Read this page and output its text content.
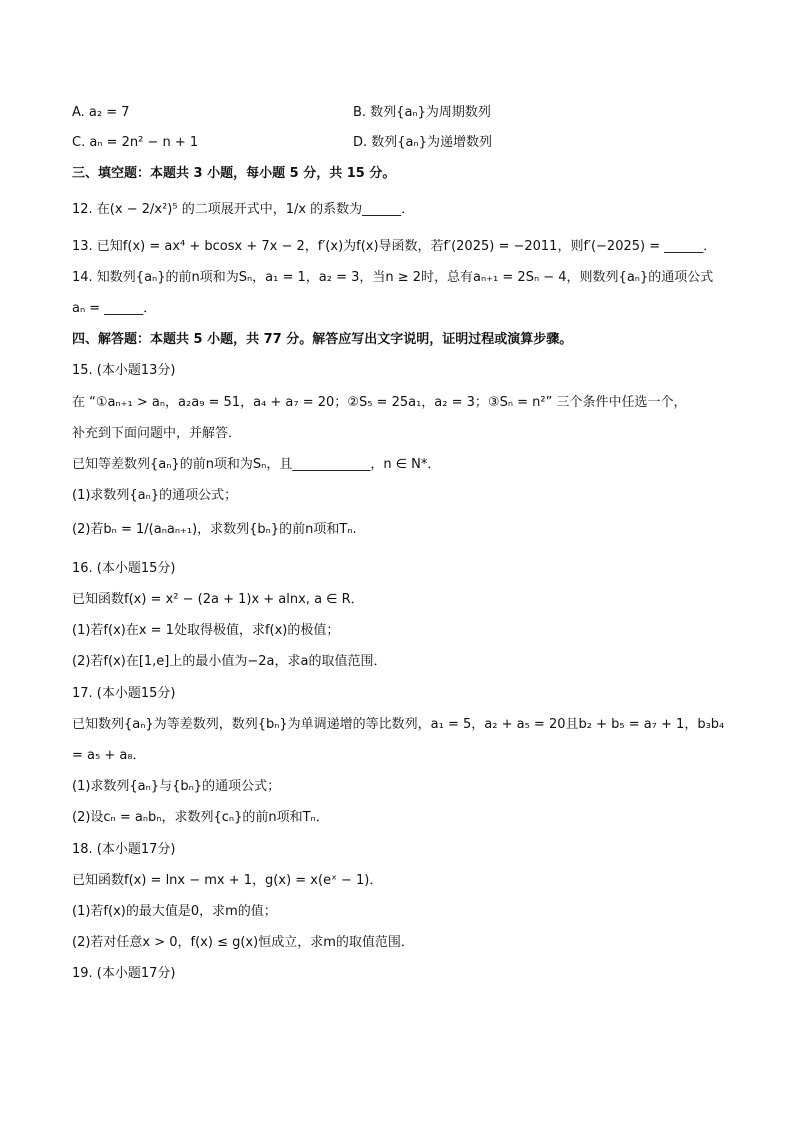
A. a₂ = 7	B. 数列{aₙ}为周期数列
C. aₙ = 2n² − n + 1	D. 数列{aₙ}为递增数列
三、填空题：本题共 3 小题，每小题 5 分，共 15 分。
12. 在(x − 2/x²)⁵ 的二项展开式中，1/x 的系数为______．
13. 已知f(x) = ax⁴ + bcosx + 7x − 2，f′(x)为f(x)导函数，若f′(2025) = −2011，则f′(−2025) = ______．
14. 知数列{aₙ}的前n项和为Sₙ，a₁ = 1，a₂ = 3，当n ≥ 2时，总有aₙ₊₁ = 2Sₙ − 4，则数列{aₙ}的通项公式
aₙ = ______．
四、解答题：本题共 5 小题，共 77 分。解答应写出文字说明，证明过程或演算步骤。
15. (本小题13分)
在 “①aₙ₊₁ > aₙ，a₂a₉ = 51，a₄ + a₇ = 20；②S₅ = 25a₁，a₂ = 3；③Sₙ = n²” 三个条件中任选一个，
补充到下面问题中，并解答．
已知等差数列{aₙ}的前n项和为Sₙ，且____________，n ∈ N*．
(1)求数列{aₙ}的通项公式；
(2)若bₙ = 1/(aₙaₙ₊₁)，求数列{bₙ}的前n项和Tₙ.
16. (本小题15分)
已知函数f(x) = x² − (2a + 1)x + alnx, a ∈ R．
(1)若f(x)在x = 1处取得极值，求f(x)的极值；
(2)若f(x)在[1,e]上的最小值为−2a，求a的取值范围．
17. (本小题15分)
已知数列{aₙ}为等差数列，数列{bₙ}为单调递增的等比数列，a₁ = 5，a₂ + a₅ = 20且b₂ + b₅ = a₇ + 1，b₃b₄
= a₅ + a₈．
(1)求数列{aₙ}与{bₙ}的通项公式；
(2)设cₙ = aₙbₙ，求数列{cₙ}的前n项和Tₙ．
18. (本小题17分)
已知函数f(x) = lnx − mx + 1，g(x) = x(eˣ − 1)．
(1)若f(x)的最大值是0，求m的值；
(2)若对任意x > 0，f(x) ≤ g(x)恒成立，求m的取值范围．
19. (本小题17分)
